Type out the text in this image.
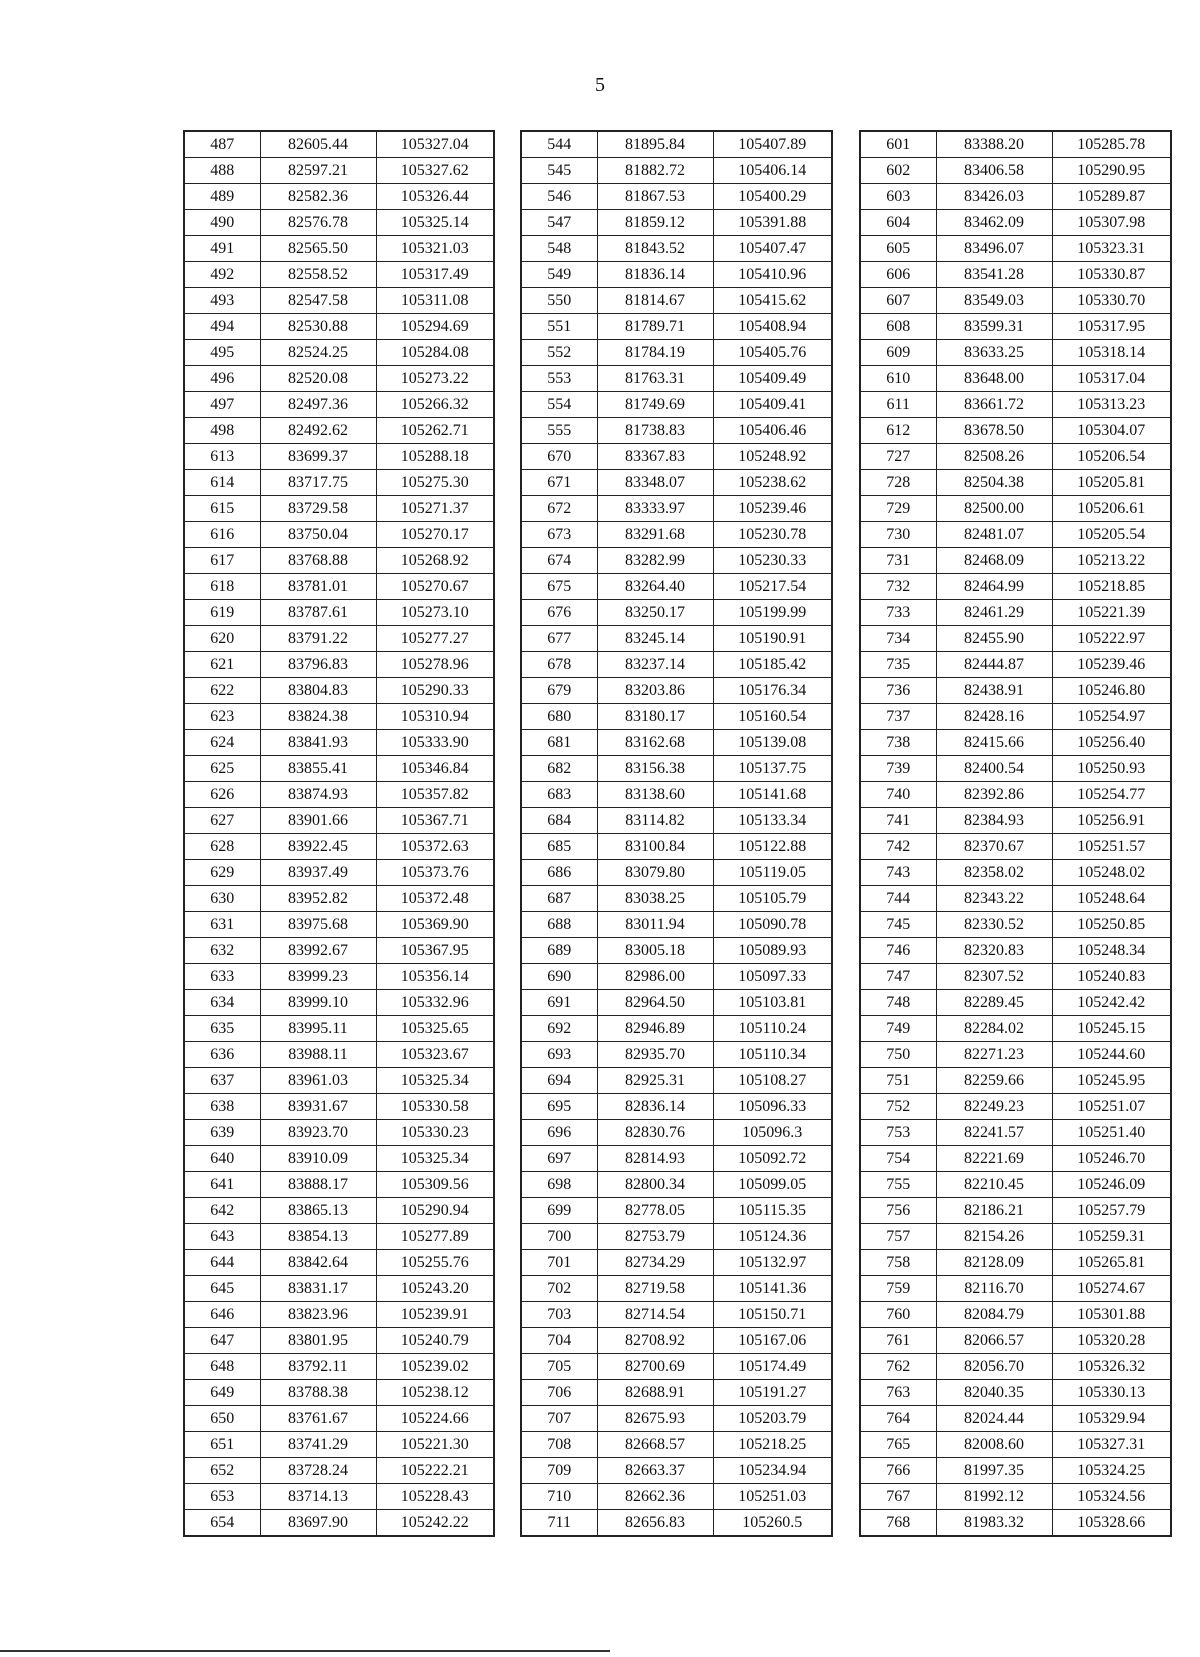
5
487	82605.44	105327.04
488	82597.21	105327.62
489	82582.36	105326.44
490	82576.78	105325.14
491	82565.50	105321.03
492	82558.52	105317.49
493	82547.58	105311.08
494	82530.88	105294.69
495	82524.25	105284.08
496	82520.08	105273.22
497	82497.36	105266.32
498	82492.62	105262.71
613	83699.37	105288.18
614	83717.75	105275.30
615	83729.58	105271.37
616	83750.04	105270.17
617	83768.88	105268.92
618	83781.01	105270.67
619	83787.61	105273.10
620	83791.22	105277.27
621	83796.83	105278.96
622	83804.83	105290.33
623	83824.38	105310.94
624	83841.93	105333.90
625	83855.41	105346.84
626	83874.93	105357.82
627	83901.66	105367.71
628	83922.45	105372.63
629	83937.49	105373.76
630	83952.82	105372.48
631	83975.68	105369.90
632	83992.67	105367.95
633	83999.23	105356.14
634	83999.10	105332.96
635	83995.11	105325.65
636	83988.11	105323.67
637	83961.03	105325.34
638	83931.67	105330.58
639	83923.70	105330.23
640	83910.09	105325.34
641	83888.17	105309.56
642	83865.13	105290.94
643	83854.13	105277.89
644	83842.64	105255.76
645	83831.17	105243.20
646	83823.96	105239.91
647	83801.95	105240.79
648	83792.11	105239.02
649	83788.38	105238.12
650	83761.67	105224.66
651	83741.29	105221.30
652	83728.24	105222.21
653	83714.13	105228.43
654	83697.90	105242.22
544	81895.84	105407.89
545	81882.72	105406.14
546	81867.53	105400.29
547	81859.12	105391.88
548	81843.52	105407.47
549	81836.14	105410.96
550	81814.67	105415.62
551	81789.71	105408.94
552	81784.19	105405.76
553	81763.31	105409.49
554	81749.69	105409.41
555	81738.83	105406.46
670	83367.83	105248.92
671	83348.07	105238.62
672	83333.97	105239.46
673	83291.68	105230.78
674	83282.99	105230.33
675	83264.40	105217.54
676	83250.17	105199.99
677	83245.14	105190.91
678	83237.14	105185.42
679	83203.86	105176.34
680	83180.17	105160.54
681	83162.68	105139.08
682	83156.38	105137.75
683	83138.60	105141.68
684	83114.82	105133.34
685	83100.84	105122.88
686	83079.80	105119.05
687	83038.25	105105.79
688	83011.94	105090.78
689	83005.18	105089.93
690	82986.00	105097.33
691	82964.50	105103.81
692	82946.89	105110.24
693	82935.70	105110.34
694	82925.31	105108.27
695	82836.14	105096.33
696	82830.76	105096.3
697	82814.93	105092.72
698	82800.34	105099.05
699	82778.05	105115.35
700	82753.79	105124.36
701	82734.29	105132.97
702	82719.58	105141.36
703	82714.54	105150.71
704	82708.92	105167.06
705	82700.69	105174.49
706	82688.91	105191.27
707	82675.93	105203.79
708	82668.57	105218.25
709	82663.37	105234.94
710	82662.36	105251.03
711	82656.83	105260.5
601	83388.20	105285.78
602	83406.58	105290.95
603	83426.03	105289.87
604	83462.09	105307.98
605	83496.07	105323.31
606	83541.28	105330.87
607	83549.03	105330.70
608	83599.31	105317.95
609	83633.25	105318.14
610	83648.00	105317.04
611	83661.72	105313.23
612	83678.50	105304.07
727	82508.26	105206.54
728	82504.38	105205.81
729	82500.00	105206.61
730	82481.07	105205.54
731	82468.09	105213.22
732	82464.99	105218.85
733	82461.29	105221.39
734	82455.90	105222.97
735	82444.87	105239.46
736	82438.91	105246.80
737	82428.16	105254.97
738	82415.66	105256.40
739	82400.54	105250.93
740	82392.86	105254.77
741	82384.93	105256.91
742	82370.67	105251.57
743	82358.02	105248.02
744	82343.22	105248.64
745	82330.52	105250.85
746	82320.83	105248.34
747	82307.52	105240.83
748	82289.45	105242.42
749	82284.02	105245.15
750	82271.23	105244.60
751	82259.66	105245.95
752	82249.23	105251.07
753	82241.57	105251.40
754	82221.69	105246.70
755	82210.45	105246.09
756	82186.21	105257.79
757	82154.26	105259.31
758	82128.09	105265.81
759	82116.70	105274.67
760	82084.79	105301.88
761	82066.57	105320.28
762	82056.70	105326.32
763	82040.35	105330.13
764	82024.44	105329.94
765	82008.60	105327.31
766	81997.35	105324.25
767	81992.12	105324.56
768	81983.32	105328.66
